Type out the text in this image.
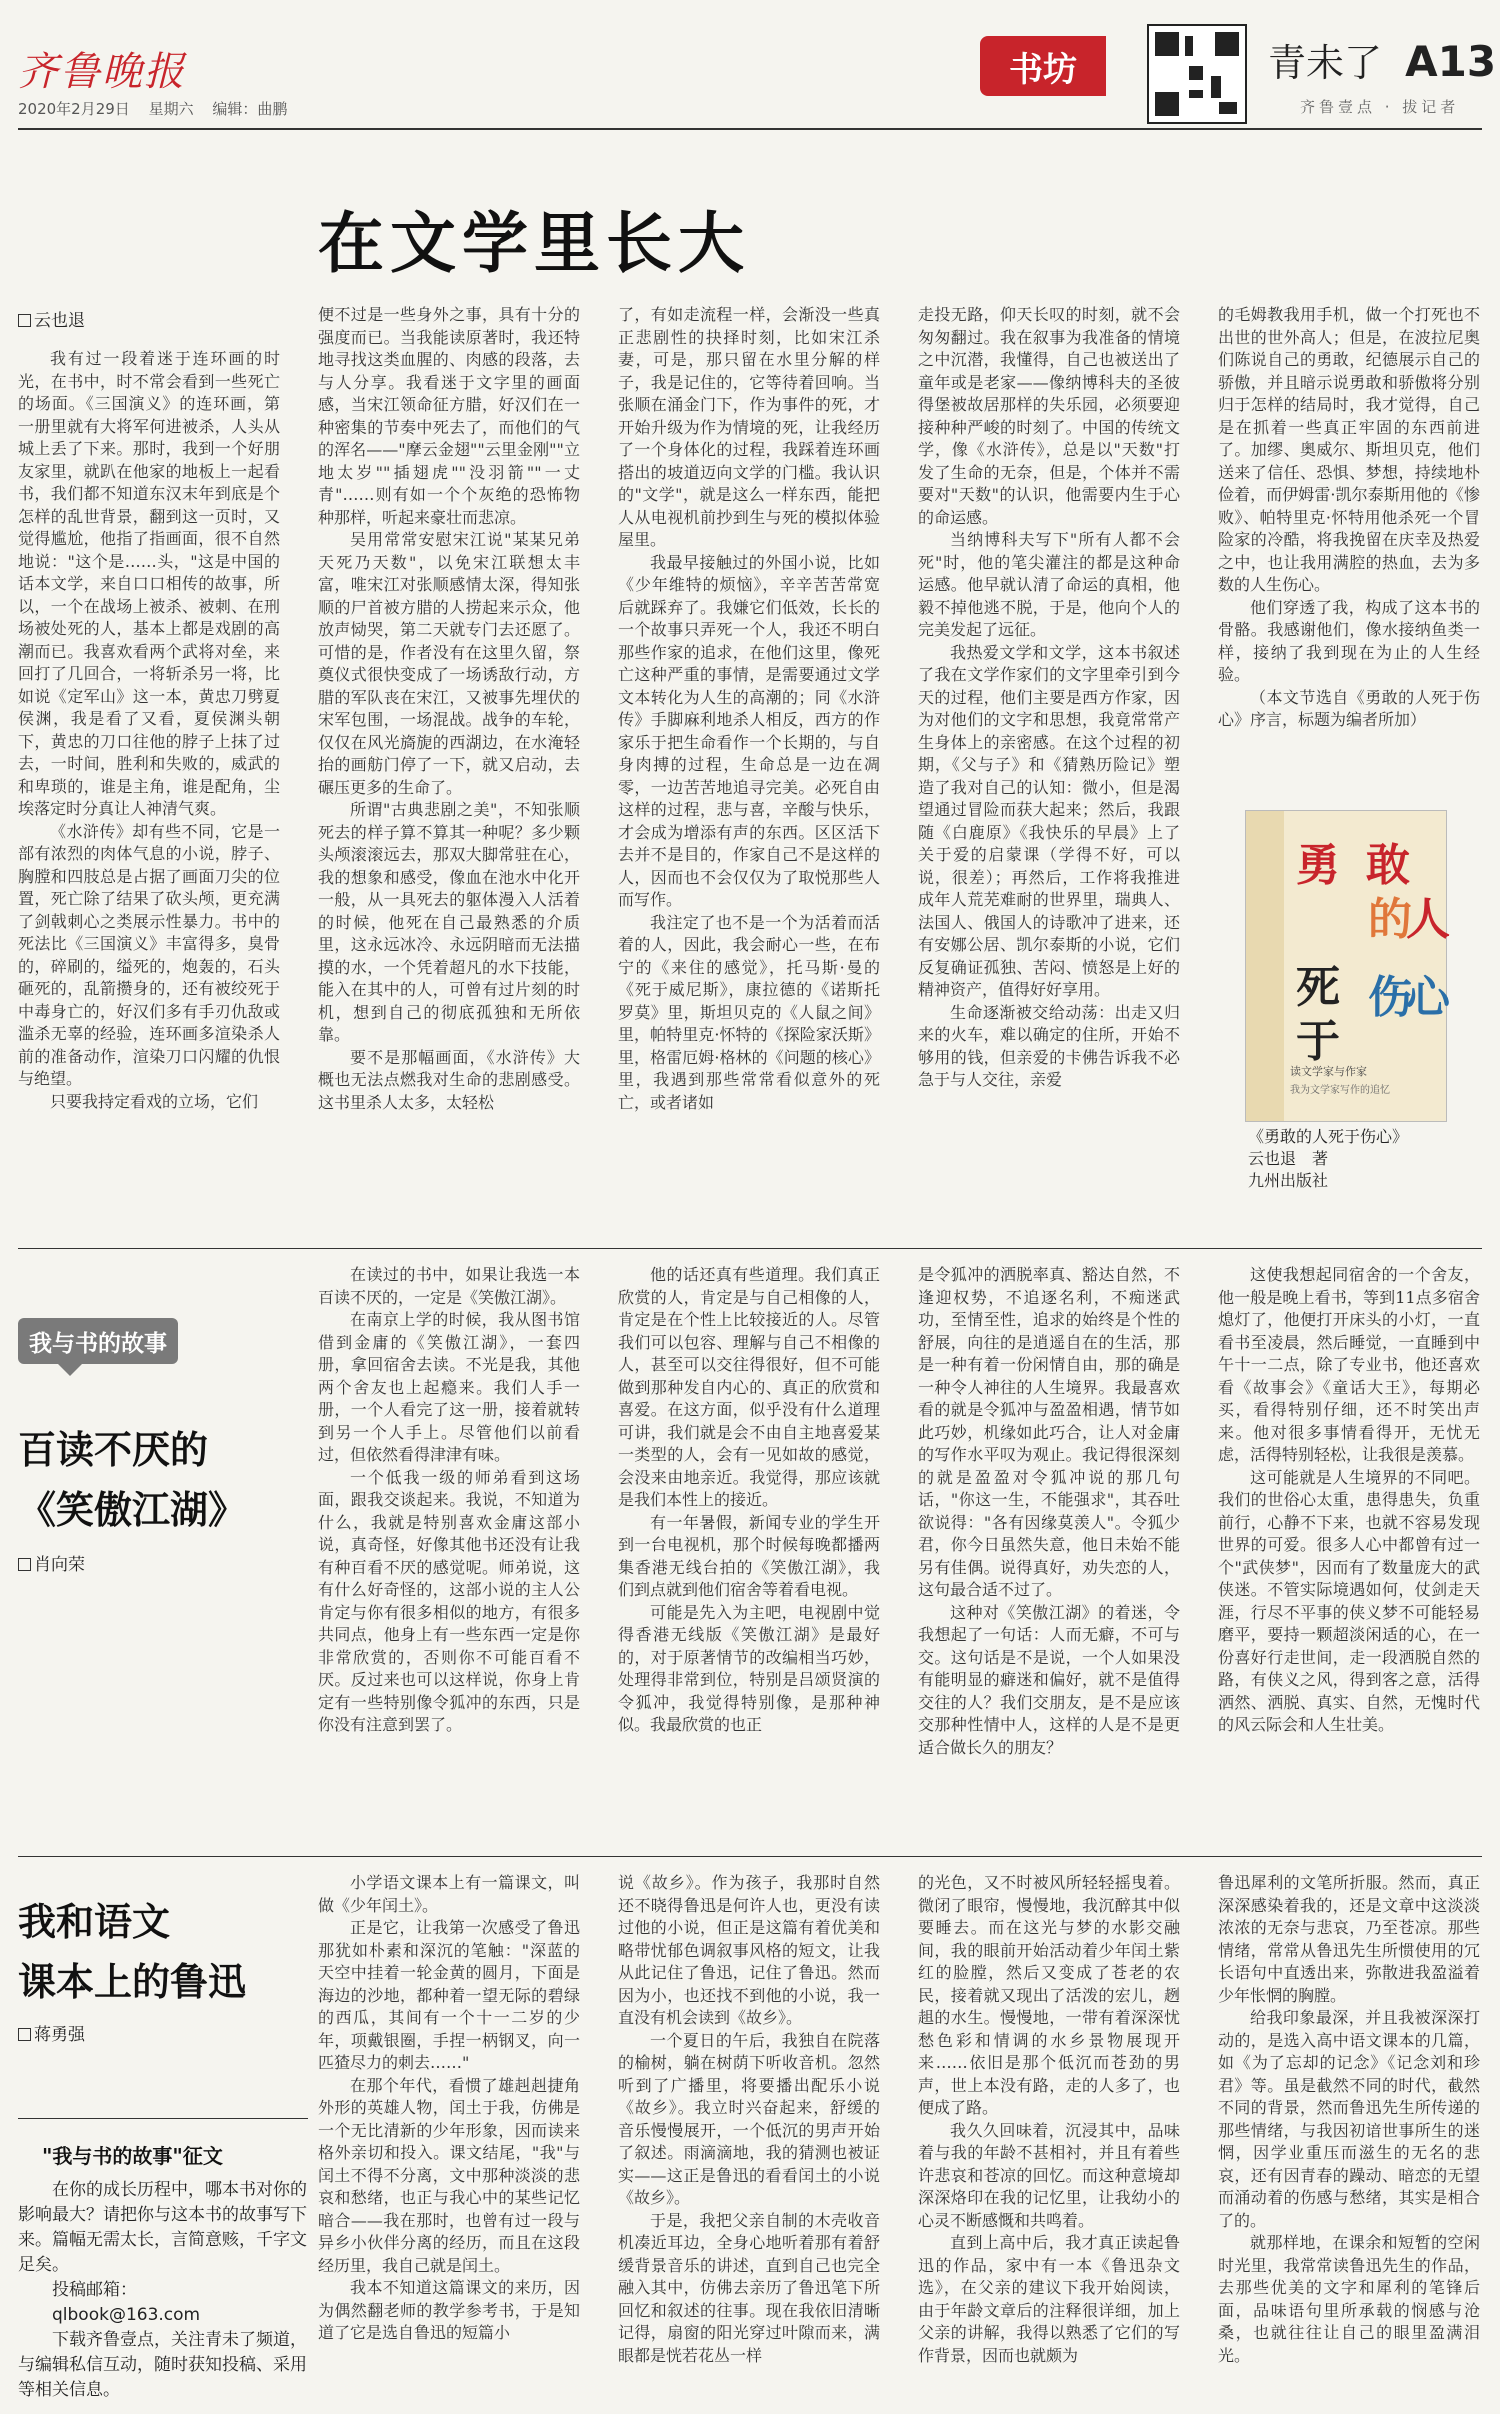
齐鲁晚报
2020年2月29日 星期六 编辑：曲鹏
书坊	青未了 A13
齐鲁壹点 · 拔记者
在文学里长大
云也退

我有过一段着迷于连环画的时光，在书中，时不常会看到一些死亡的场面。《三国演义》的连环画，第一册里就有大将军何进被杀，人头从城上丢了下来。那时，我到一个好朋友家里，就趴在他家的地板上一起看书，我们都不知道东汉末年到底是个怎样的乱世背景，翻到这一页时，又觉得尴尬，他指了指画面，很不自然地说："这个是……头，"这是中国的话本文学，来自口口相传的故事，所以，一个在战场上被杀、被刺、在刑场被处死的人，基本上都是戏剧的高潮而已。我喜欢看两个武将对垒，来回打了几回合，一将斩杀另一将，比如说《定军山》这一本，黄忠刀劈夏侯渊，我是看了又看，夏侯渊头朝下，黄忠的刀口往他的脖子上抹了过去，一时间，胜利和失败的，威武的和卑琐的，谁是主角，谁是配角，尘埃落定时分真让人神清气爽。

《水浒传》却有些不同，它是一部有浓烈的肉体气息的小说，脖子、胸膛和四肢总是占据了画面刀尖的位置，死亡除了结果了砍头颅，更充满了剑戟刺心之类展示性暴力。书中的死法比《三国演义》丰富得多，臭骨的，碎刷的，缢死的，炮轰的，石头砸死的，乱箭攒身的，还有被绞死于中毒身亡的，好汉们多有手刃仇敌或滥杀无辜的经验，连环画多渲染杀人前的准备动作，渲染刀口闪耀的仇恨与绝望。

只要我持定看戏的立场，它们

便不过是一些身外之事，具有十分的强度而已。当我能读原著时，我还特地寻找这类血腥的、肉感的段落，去与人分享。我看迷于文字里的画面感，当宋江领命征方腊，好汉们在一种密集的节奏中死去了，而他们的气的浑名——"摩云金翅""云里金刚""立地太岁""插翅虎""没羽箭""一丈青"……则有如一个个灰绝的恐怖物种那样，听起来豪壮而悲凉。

吴用常常安慰宋江说"某某兄弟天死乃天数"，以免宋江联想太丰富，唯宋江对张顺感情太深，得知张顺的尸首被方腊的人捞起来示众，他放声恸哭，第二天就专门去还愿了。可惜的是，作者没有在这里久留，祭奠仪式很快变成了一场诱敌行动，方腊的军队丧在宋江，又被事先埋伏的宋军包围，一场混战。战争的车轮，仅仅在风光旖旎的西湖边，在水淹轻抬的画舫门停了一下，就又启动，去碾压更多的生命了。

所谓"古典悲剧之美"，不知张顺死去的样子算不算其一种呢？多少颗头颅滚滚远去，那双大脚常驻在心，我的想象和感受，像血在池水中化开一般，从一具死去的躯体漫入人活着的时候，他死在自己最熟悉的介质里，这永远冰冷、永远阴暗而无法描摸的水，一个凭着超凡的水下技能，能入在其中的人，可曾有过片刻的时机，想到自己的彻底孤独和无所依靠。

要不是那幅画面，《水浒传》大概也无法点燃我对生命的悲剧感受。这书里杀人太多，太轻松

了，有如走流程一样，会渐没一些真正悲剧性的抉择时刻，比如宋江杀妻，可是，那只留在水里分解的样子，我是记住的，它等待着回响。当张顺在涌金门下，作为事件的死，才开始升级为作为情境的死，让我经历了一个身体化的过程，我踩着连环画搭出的坡道迈向文学的门槛。我认识的"文学"，就是这么一样东西，能把人从电视机前抄到生与死的模拟体验屋里。

我最早接触过的外国小说，比如《少年维特的烦恼》，辛辛苦苦常宽后就踩弃了。我嫌它们低效，长长的一个故事只弄死一个人，我还不明白那些作家的追求，在他们这里，像死亡这种严重的事情，是需要通过文学文本转化为人生的高潮的；同《水浒传》手脚麻利地杀人相反，西方的作家乐于把生命看作一个长期的，与自身肉搏的过程，生命总是一边在凋零，一边苦苦地追寻完美。必死自由这样的过程，悲与喜，辛酸与快乐，才会成为增添有声的东西。区区活下去并不是目的，作家自己不是这样的人，因而也不会仅仅为了取悦那些人而写作。

我注定了也不是一个为活着而活着的人，因此，我会耐心一些，在布宁的《来住的感觉》，托马斯·曼的《死于威尼斯》，康拉德的《诺斯托罗莫》里，斯坦贝克的《人鼠之间》里，帕特里克·怀特的《探险家沃斯》里，格雷厄姆·格林的《问题的核心》里，我遇到那些常常看似意外的死亡，或者诸如

走投无路，仰天长叹的时刻，就不会匆匆翻过。我在叙事为我准备的情境之中沉潜，我懂得，自己也被送出了童年或是老家——像纳博科夫的圣彼得堡被故居那样的失乐园，必须要迎接种种严峻的时刻了。中国的传统文学，像《水浒传》，总是以"天数"打发了生命的无奈，但是，个体并不需要对"天数"的认识，他需要内生于心的命运感。

当纳博科夫写下"所有人都不会死"时，他的笔尖灌注的都是这种命运感。他早就认清了命运的真相，他毅不掉他逃不脱，于是，他向个人的完美发起了远征。

我热爱文学和文学，这本书叙述了我在文学作家们的文字里牵引到今天的过程，他们主要是西方作家，因为对他们的文字和思想，我竟常常产生身体上的亲密感。在这个过程的初期，《父与子》和《猜熟历险记》塑造了我对自己的认知：微小，但是渴望通过冒险而获大起来；然后，我跟随《白鹿原》《我快乐的早晨》上了关于爱的启蒙课（学得不好，可以说，很差）；再然后，工作将我推进成年人荒芜难耐的世界里，瑞典人、法国人、俄国人的诗歌冲了进来，还有安娜公居、凯尔泰斯的小说，它们反复确证孤独、苦闷、愤怒是上好的精神资产，值得好好享用。

生命逐渐被交给动荡：出走又归来的火车，难以确定的住所，开始不够用的钱，但亲爱的卡佛告诉我不必急于与人交往，亲爱

的毛姆教我用手机，做一个打死也不出世的世外高人；但是，在波拉尼奥们陈说自己的勇敢，纪德展示自己的骄傲，并且暗示说勇敢和骄傲将分别归于怎样的结局时，我才觉得，自己是在抓着一些真正牢固的东西前进了。加缪、奥威尔、斯坦贝克，他们送来了信任、恐惧、梦想，持续地朴俭着，而伊姆雷·凯尔泰斯用他的《惨败》、帕特里克·怀特用他杀死一个冒险家的冷酷，将我挽留在庆幸及热爱之中，也让我用满腔的热血，去为多数的人生伤心。

他们穿透了我，构成了这本书的骨骼。我感谢他们，像水接纳鱼类一样，接纳了我到现在为止的人生经验。

（本文节选自《勇敢的人死于伤心》序言，标题为编者所加）

勇 敢
的
人
死
于
伤
心
读文学家与作家
我为文学家写作的追忆
《勇敢的人死于伤心》
云也退　著
九州出版社
我与书的故事
百读不厌的
《笑傲江湖》
肖向荣

在读过的书中，如果让我选一本百读不厌的，一定是《笑傲江湖》。

在南京上学的时候，我从图书馆借到金庸的《笑傲江湖》，一套四册，拿回宿舍去读。不光是我，其他两个舍友也上起瘾来。我们人手一册，一个人看完了这一册，接着就转到另一个人手上。尽管他们以前看过，但依然看得津津有味。

一个低我一级的师弟看到这场面，跟我交谈起来。我说，不知道为什么，我就是特别喜欢金庸这部小说，真奇怪，好像其他书还没有让我有种百看不厌的感觉呢。师弟说，这有什么好奇怪的，这部小说的主人公肯定与你有很多相似的地方，有很多共同点，他身上有一些东西一定是你非常欣赏的，否则你不可能百看不厌。反过来也可以这样说，你身上肯定有一些特别像令狐冲的东西，只是你没有注意到罢了。

他的话还真有些道理。我们真正欣赏的人，肯定是与自己相像的人，肯定是在个性上比较接近的人。尽管我们可以包容、理解与自己不相像的人，甚至可以交往得很好，但不可能做到那种发自内心的、真正的欣赏和喜爱。在这方面，似乎没有什么道理可讲，我们就是会不由自主地喜爱某一类型的人，会有一见如故的感觉，会没来由地亲近。我觉得，那应该就是我们本性上的接近。

有一年暑假，新闻专业的学生开到一台电视机，那个时候每晚都播两集香港无线台拍的《笑傲江湖》，我们到点就到他们宿舍等着看电视。

可能是先入为主吧，电视剧中觉得香港无线版《笑傲江湖》是最好的，对于原著情节的改编相当巧妙，处理得非常到位，特别是吕颂贤演的令狐冲，我觉得特别像，是那种神似。我最欣赏的也正

是令狐冲的洒脱率真、豁达自然，不逢迎权势，不追逐名利，不痴迷武功，至情至性，追求的始终是个性的舒展，向往的是逍遥自在的生活，那是一种有着一份闲情自由，那的确是一种令人神往的人生境界。我最喜欢看的就是令狐冲与盈盈相遇，情节如此巧妙，机缘如此巧合，让人对金庸的写作水平叹为观止。我记得很深刻的就是盈盈对令狐冲说的那几句话，"你这一生，不能强求"，其吞吐欲说得："各有因缘莫羡人"。令狐少君，你今日虽然失意，他日未始不能另有佳偶。说得真好，劝失恋的人，这句最合适不过了。

这种对《笑傲江湖》的着迷，令我想起了一句话：人而无癖，不可与交。这句话是不是说，一个人如果没有能明显的癖迷和偏好，就不是值得交往的人？我们交朋友，是不是应该交那种性情中人，这样的人是不是更适合做长久的朋友？

这使我想起同宿舍的一个舍友，他一般是晚上看书，等到11点多宿舍熄灯了，他便打开床头的小灯，一直看书至凌晨，然后睡觉，一直睡到中午十一二点，除了专业书，他还喜欢看《故事会》《童话大王》，每期必买，看得特别仔细，还不时笑出声来。他对很多事情看得开，无忧无虑，活得特别轻松，让我很是羡慕。

这可能就是人生境界的不同吧。我们的世俗心太重，患得患失，负重前行，心静不下来，也就不容易发现世界的可爱。很多人心中都曾有过一个"武侠梦"，因而有了数量庞大的武侠迷。不管实际境遇如何，仗剑走天涯，行尽不平事的侠义梦不可能轻易磨平，要持一颗超淡闲适的心，在一份喜好行走世间，走一段洒脱自然的路，有侠义之风，得到客之意，活得洒然、洒脱、真实、自然，无愧时代的风云际会和人生壮美。

我和语文
课本上的鲁迅
蒋勇强

小学语文课本上有一篇课文，叫做《少年闰土》。

正是它，让我第一次感受了鲁迅那犹如朴素和深沉的笔触："深蓝的天空中挂着一轮金黄的圆月，下面是海边的沙地，都种着一望无际的碧绿的西瓜，其间有一个十一二岁的少年，项戴银圈，手捏一柄钢叉，向一匹猹尽力的刺去……"

在那个年代，看惯了雄赳赳捷角外形的英雄人物，闰土于我，仿佛是一个无比清新的少年形象，因而读来格外亲切和投入。课文结尾，"我"与闰土不得不分离，文中那种淡淡的悲哀和愁绪，也正与我心中的某些记忆暗合——我在那时，也曾有过一段与异乡小伙伴分离的经历，而且在这段经历里，我自己就是闰土。

我本不知道这篇课文的来历，因为偶然翻老师的教学参考书，于是知道了它是选自鲁迅的短篇小

说《故乡》。作为孩子，我那时自然还不晓得鲁迅是何许人也，更没有读过他的小说，但正是这篇有着优美和略带忧郁色调叙事风格的短文，让我从此记住了鲁迅，记住了鲁迅。然而因为小，也还找不到他的小说，我一直没有机会读到《故乡》。

一个夏日的午后，我独自在院落的榆树，躺在树荫下听收音机。忽然听到了广播里，将要播出配乐小说《故乡》。我立时兴奋起来，舒缓的音乐慢慢展开，一个低沉的男声开始了叙述。雨滴滴地，我的猜测也被证实——这正是鲁迅的看看闰土的小说《故乡》。

于是，我把父亲自制的木壳收音机凑近耳边，全身心地听着那有着舒缓背景音乐的讲述，直到自己也完全融入其中，仿佛去亲历了鲁迅笔下所回忆和叙述的往事。现在我依旧清晰记得，扇窗的阳光穿过叶隙而来，满眼都是恍若花丛一样

的光色，又不时被风所轻轻摇曳着。微闭了眼帘，慢慢地，我沉醉其中似要睡去。而在这光与梦的水影交融间，我的眼前开始活动着少年闰土紫红的脸膛，然后又变成了苍老的农民，接着就又现出了活泼的宏儿，趔趄的水生。慢慢地，一带有着深深忧愁色彩和情调的水乡景物展现开来……依旧是那个低沉而苍劲的男声，世上本没有路，走的人多了，也便成了路。

我久久回味着，沉浸其中，品味着与我的年龄不甚相衬，并且有着些许悲哀和苍凉的回忆。而这种意境却深深烙印在我的记忆里，让我幼小的心灵不断感慨和共鸣着。

直到上高中后，我才真正读起鲁迅的作品，家中有一本《鲁迅杂文选》，在父亲的建议下我开始阅读，由于年龄文章后的注释很详细，加上父亲的讲解，我得以熟悉了它们的写作背景，因而也就颇为

鲁迅犀利的文笔所折服。然而，真正深深感染着我的，还是文章中这淡淡浓浓的无奈与悲哀，乃至苍凉。那些情绪，常常从鲁迅先生所惯使用的冗长语句中直透出来，弥散进我盈溢着少年怅惘的胸膛。

给我印象最深，并且我被深深打动的，是选入高中语文课本的几篇，如《为了忘却的记念》《记念刘和珍君》等。虽是截然不同的时代，截然不同的背景，然而鲁迅先生所传递的那些情绪，与我因初谙世事所生的迷惘，因学业重压而滋生的无名的悲哀，还有因青春的躁动、暗恋的无望而涌动着的伤感与愁绪，其实是相合了的。

就那样地，在课余和短暂的空闲时光里，我常常读鲁迅先生的作品，去那些优美的文字和犀利的笔锋后面，品味语句里所承载的悯感与沧桑，也就往往让自己的眼里盈满泪光。

"我与书的故事"征文

在你的成长历程中，哪本书对你的影响最大？请把你与这本书的故事写下来。篇幅无需太长，言简意赅，千字文足矣。

投稿邮箱：

qlbook@163.com

下载齐鲁壹点，关注青未了频道，与编辑私信互动，随时获知投稿、采用等相关信息。
